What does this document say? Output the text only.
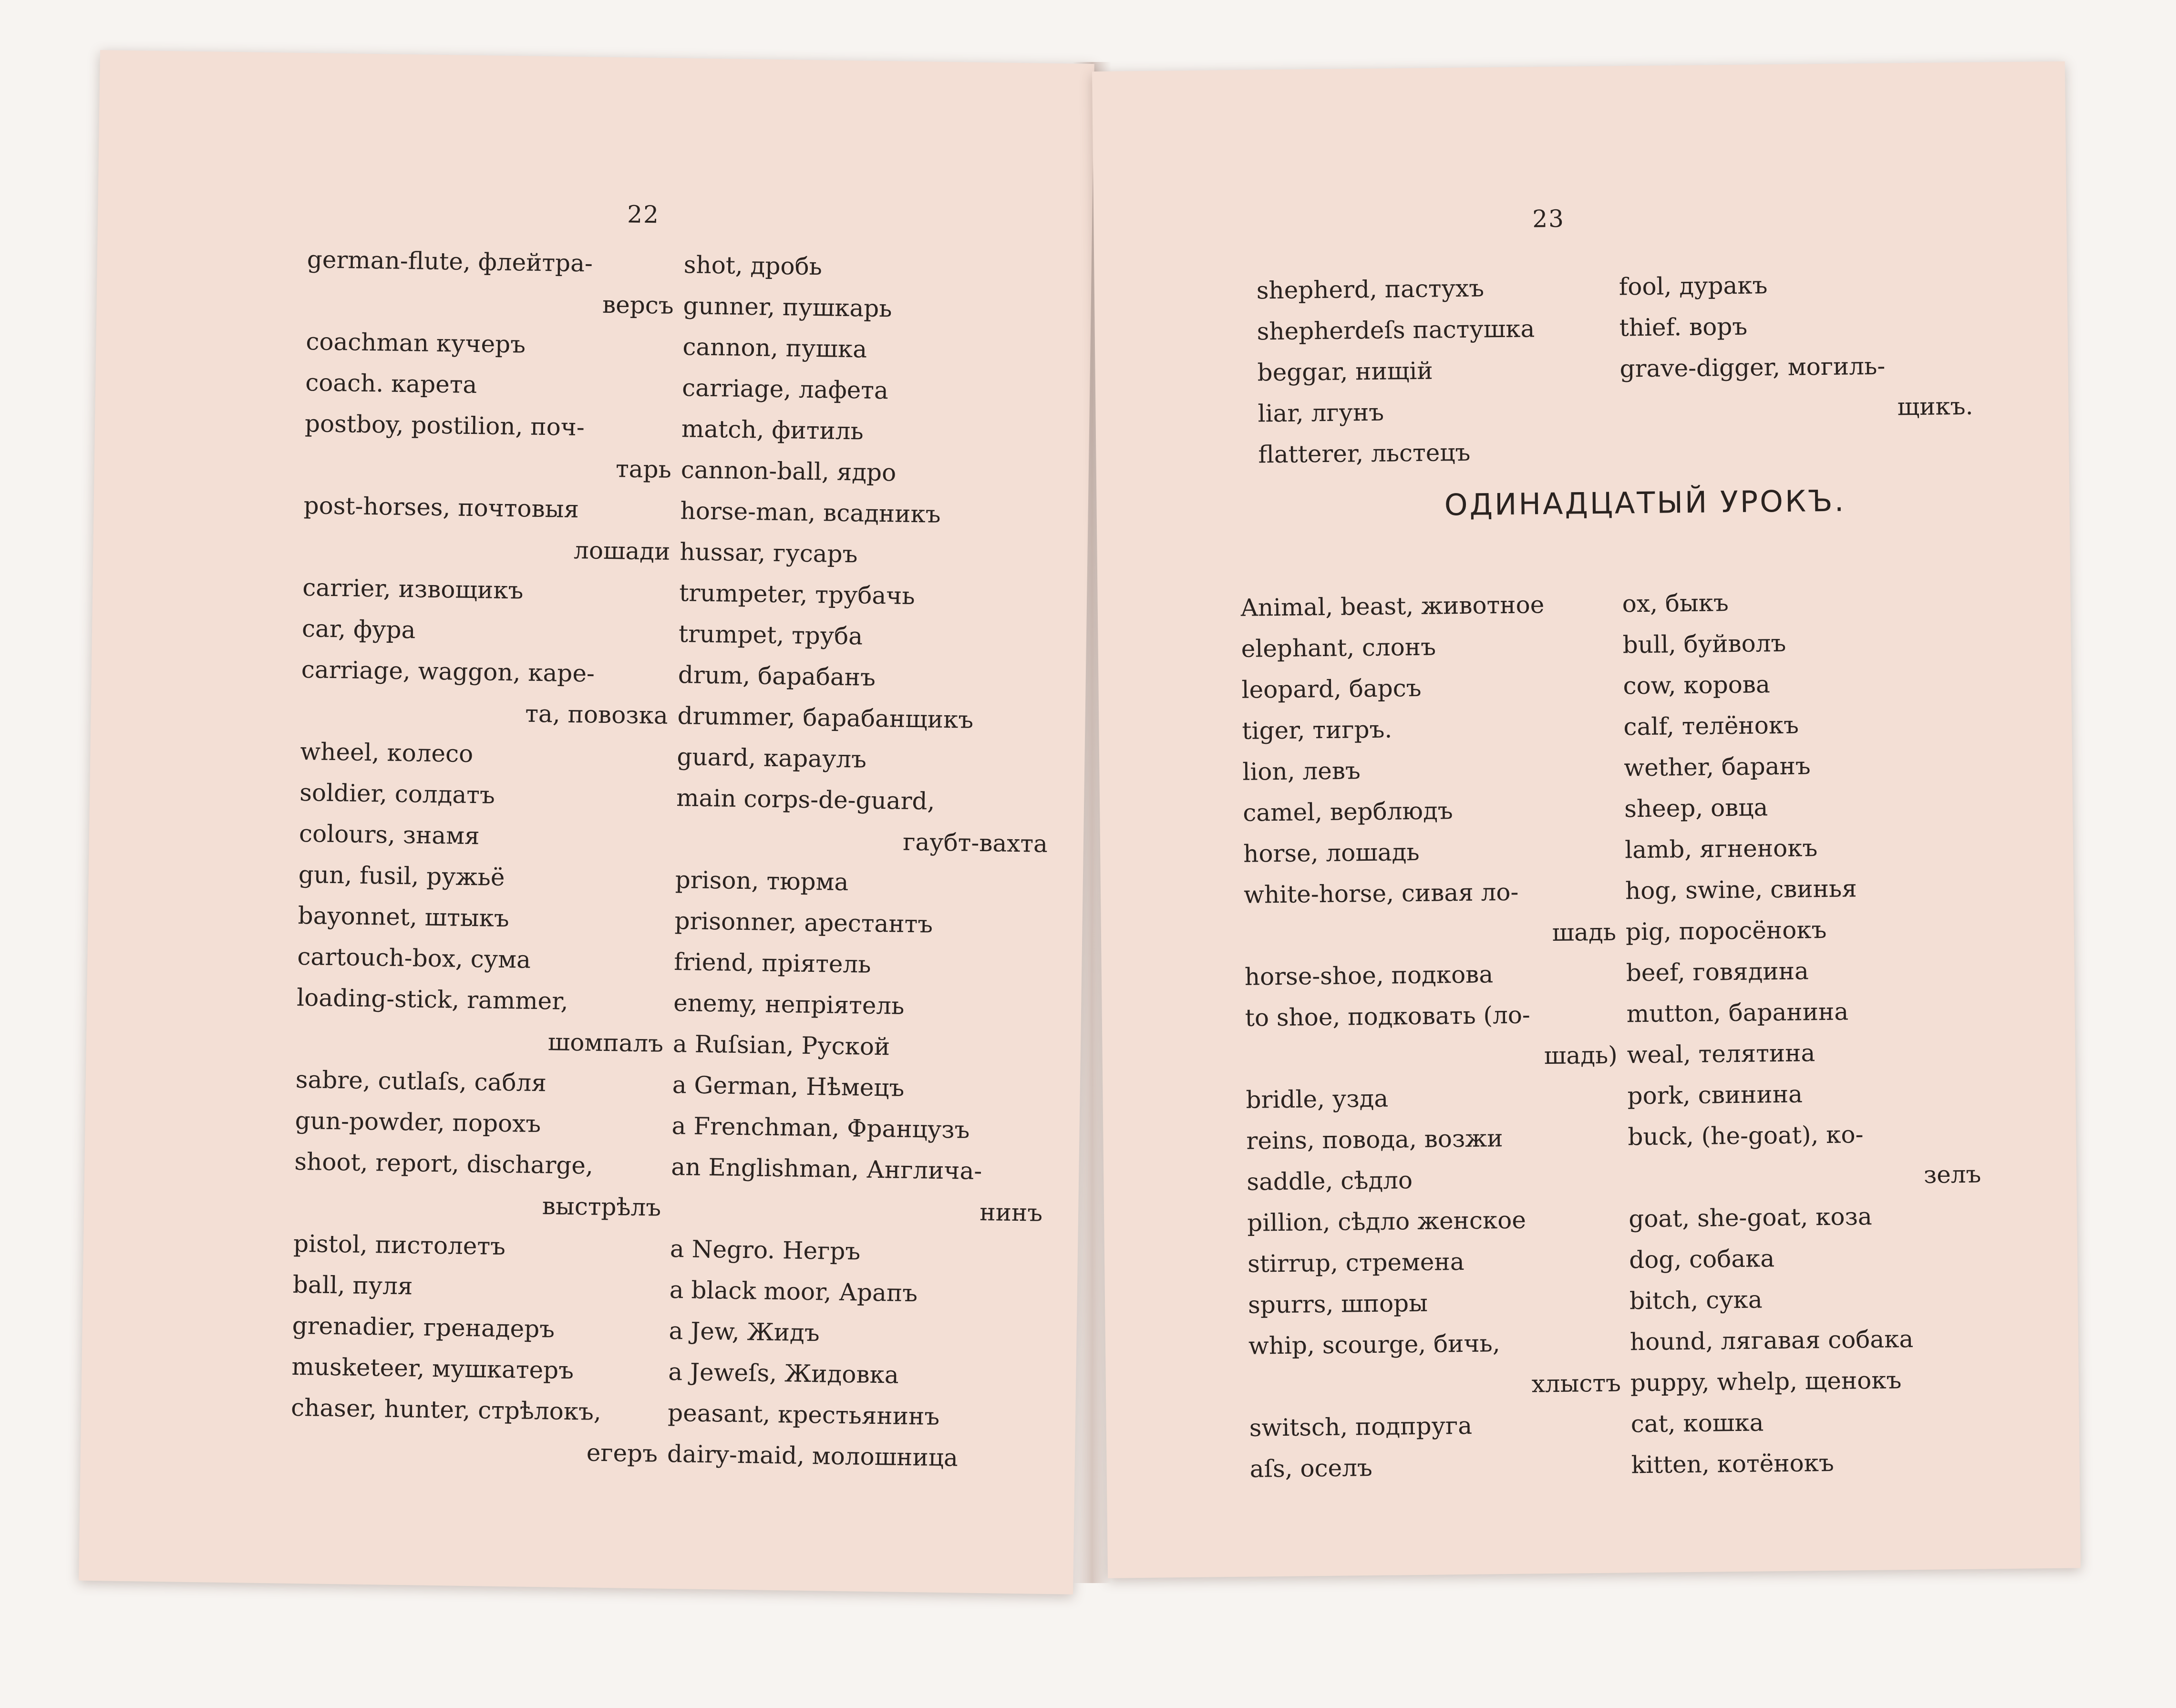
22
german-flute, флейтра-
версъ
coachman кучеръ
coach. карета
postboy, postilion, поч-
тарь
post-horses, почтовыя
лошади
carrier, извощикъ
car, фура
carriage, waggon, каре-
та, повозка
wheel, колесо
soldier, солдатъ
colours, знамя
gun, fusil, ружьё
bayonnet, штыкъ
cartouch-box, сума
loading-stick, rammer,
шомпалъ
sabre, cutlaſs, сабля
gun-powder, порохъ
shoot, report, discharge,
выстрѣлъ
pistol, пистолетъ
ball, пуля
grenadier, гренадеръ
musketeer, мушкатеръ
chaser, hunter, стрѣлокъ,
егеръ
shot, дробь
gunner, пушкарь
cannon, пушка
carriage, лафета
match, фитиль
cannon-ball, ядро
horse-man, всадникъ
hussar, гусаръ
trumpeter, трубачь
trumpet, труба
drum, барабанъ
drummer, барабанщикъ
guard, караулъ
main corps-de-guard,
гаубт-вахта
prison, тюрма
prisonner, арестантъ
friend, пріятель
enemy, непріятель
a Ruſsian, Руской
a German, Нѣмецъ
a Frenchman, Французъ
an Englishman, Англича-
нинъ
a Negro. Негръ
a black moor, Арапъ
a Jew, Жидъ
a Jeweſs, Жидовка
peasant, крестьянинъ
dairy-maid, молошница
23
shepherd, пастухъ
shepherdeſs пастушка
beggar, нищій
liar, лгунъ
flatterer, льстецъ
fool, дуракъ
thief. воръ
grave-digger, могиль-
щикъ.
ОДИНАДЦАТЫЙ УРОКЪ.
Animal, beast, животное
elephant, слонъ
leopard, барсъ
tiger, тигръ.
lion, левъ
camel, верблюдъ
horse, лошадь
white-horse, сивая ло-
шадь
horse-shoe, подкова
to shoe, подковать (ло-
шадь)
bridle, узда
reins, повода, возжи
saddle, сѣдло
pillion, сѣдло женское
stirrup, стремена
spurrs, шпоры
whip, scourge, бичь,
хлыстъ
switsch, подпруга
aſs, оселъ
ox, быкъ
bull, буйволъ
cow, корова
calf, телёнокъ
wether, баранъ
sheep, овца
lamb, ягненокъ
hog, swine, свинья
pig, поросёнокъ
beef, говядина
mutton, баранина
weal, телятина
pork, свинина
buck, (he-goat), ко-
зелъ
goat, she-goat, коза
dog, собака
bitch, сука
hound, лягавая собака
puppy, whelp, щенокъ
cat, кошка
kitten, котёнокъ
